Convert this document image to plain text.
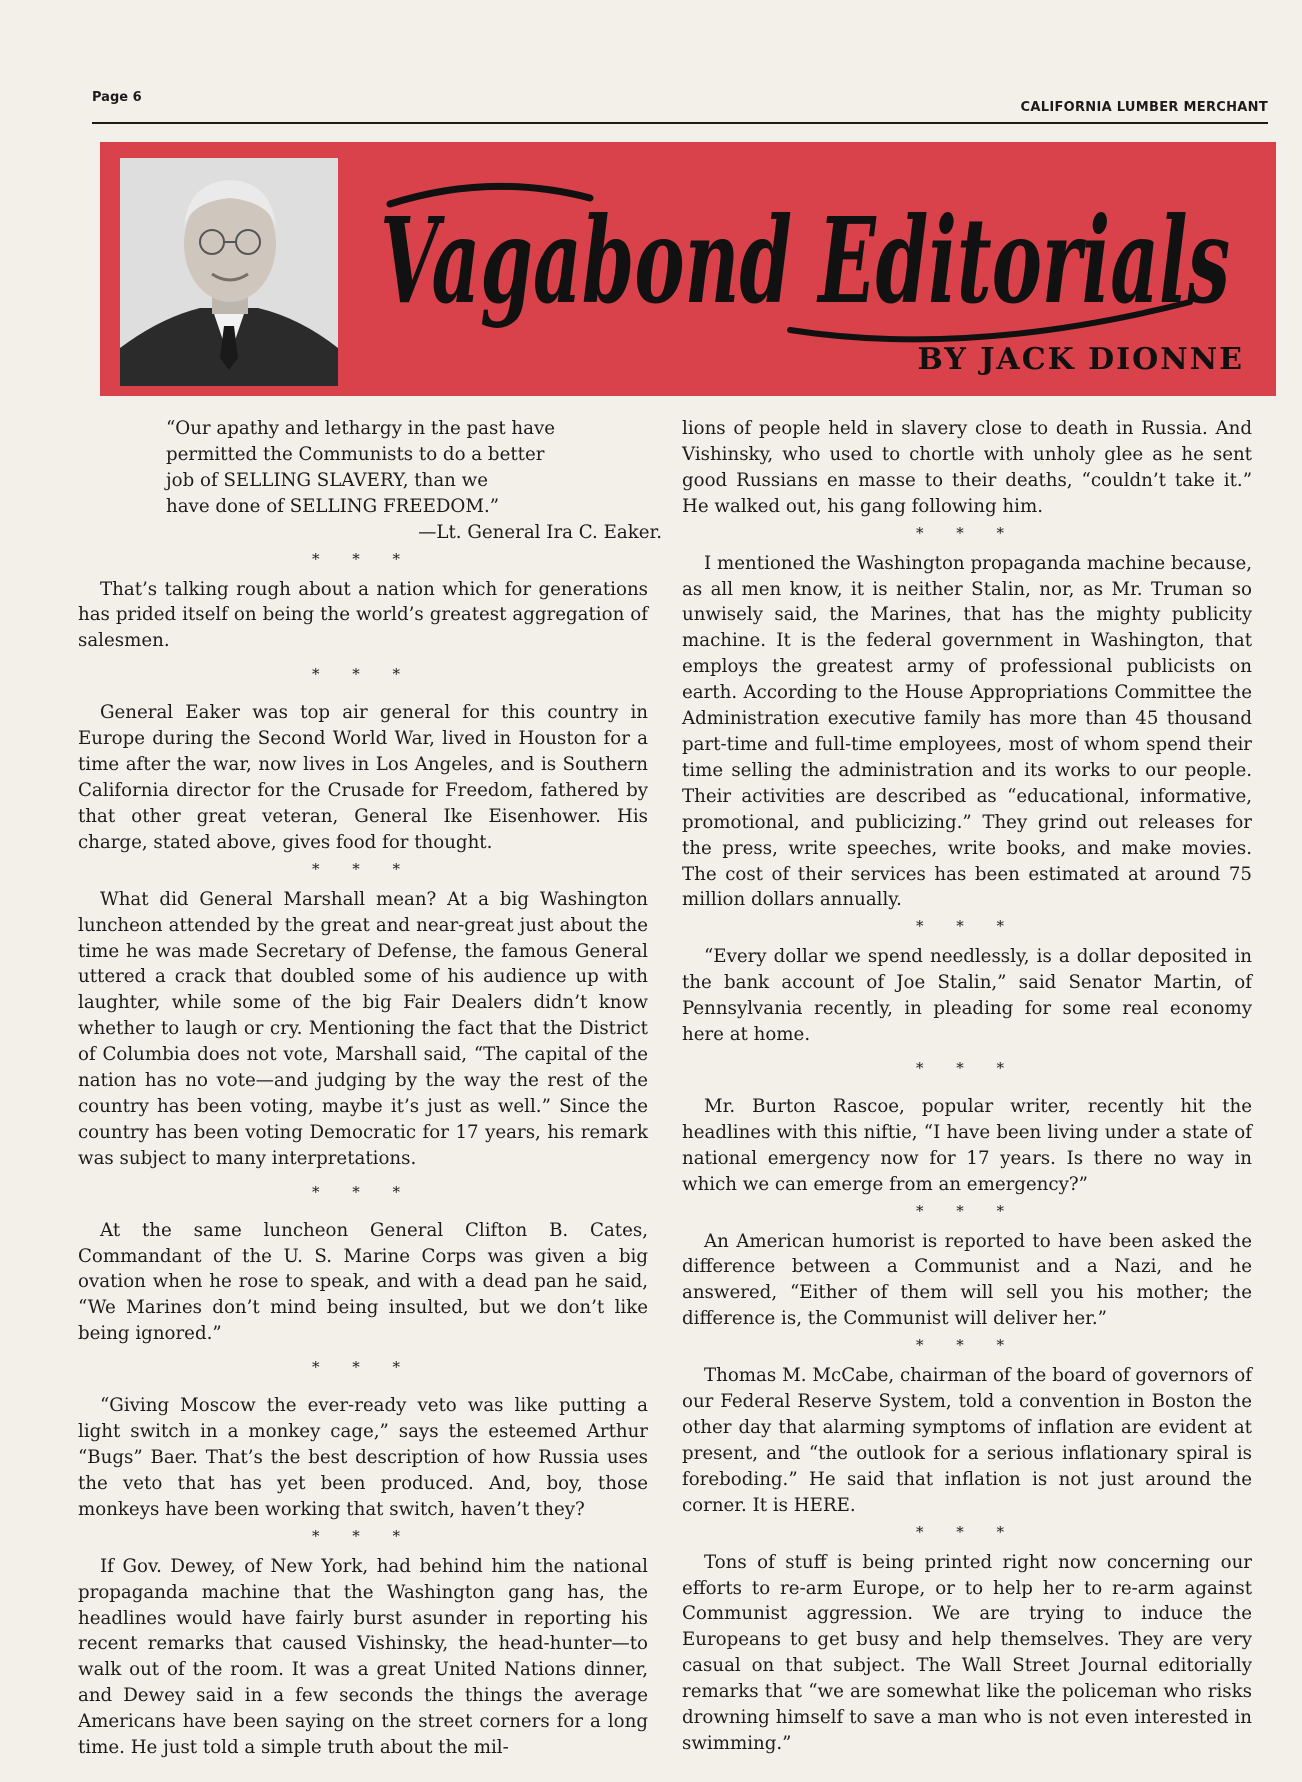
Page 6
CALIFORNIA LUMBER MERCHANT
Vagabond Editorials
BY JACK DIONNE
“Our apathy and lethargy in the past have
permitted the Communists to do a better
job of SELLING SLAVERY, than we
have done of SELLING FREEDOM.”
—Lt. General Ira C. Eaker.
* * *

That’s talking rough about a nation which for generations has prided itself on being the world’s greatest aggregation of salesmen.

* * *

General Eaker was top air general for this country in Europe during the Second World War, lived in Houston for a time after the war, now lives in Los Angeles, and is Southern California director for the Crusade for Freedom, fathered by that other great veteran, General Ike Eisenhower. His charge, stated above, gives food for thought.

* * *

What did General Marshall mean? At a big Washington luncheon attended by the great and near-great just about the time he was made Secretary of Defense, the famous General uttered a crack that doubled some of his audience up with laughter, while some of the big Fair Dealers didn’t know whether to laugh or cry. Mentioning the fact that the District of Columbia does not vote, Marshall said, “The capital of the nation has no vote—and judging by the way the rest of the country has been voting, maybe it’s just as well.” Since the country has been voting Democratic for 17 years, his remark was subject to many interpretations.

* * *

At the same luncheon General Clifton B. Cates, Commandant of the U. S. Marine Corps was given a big ovation when he rose to speak, and with a dead pan he said, “We Marines don’t mind being insulted, but we don’t like being ignored.”

* * *

“Giving Moscow the ever-ready veto was like putting a light switch in a monkey cage,” says the esteemed Arthur “Bugs” Baer. That’s the best description of how Russia uses the veto that has yet been produced. And, boy, those monkeys have been working that switch, haven’t they?

* * *

If Gov. Dewey, of New York, had behind him the national propaganda machine that the Washington gang has, the headlines would have fairly burst asunder in reporting his recent remarks that caused Vishinsky, the head-hunter—to walk out of the room. It was a great United Nations dinner, and Dewey said in a few seconds the things the average Americans have been saying on the street corners for a long time. He just told a simple truth about the mil-

lions of people held in slavery close to death in Russia. And Vishinsky, who used to chortle with unholy glee as he sent good Russians en masse to their deaths, “couldn’t take it.” He walked out, his gang following him.

* * *

I mentioned the Washington propaganda machine because, as all men know, it is neither Stalin, nor, as Mr. Truman so unwisely said, the Marines, that has the mighty publicity machine. It is the federal government in Washington, that employs the greatest army of professional publicists on earth. According to the House Appropriations Committee the Administration executive family has more than 45 thousand part-time and full-time employees, most of whom spend their time selling the administration and its works to our people. Their activities are described as “educational, informative, promotional, and publicizing.” They grind out releases for the press, write speeches, write books, and make movies. The cost of their services has been estimated at around 75 million dollars annually.

* * *

“Every dollar we spend needlessly, is a dollar deposited in the bank account of Joe Stalin,” said Senator Martin, of Pennsylvania recently, in pleading for some real economy here at home.

* * *

Mr. Burton Rascoe, popular writer, recently hit the headlines with this niftie, “I have been living under a state of national emergency now for 17 years. Is there no way in which we can emerge from an emergency?”

* * *

An American humorist is reported to have been asked the difference between a Communist and a Nazi, and he answered, “Either of them will sell you his mother; the difference is, the Communist will deliver her.”

* * *

Thomas M. McCabe, chairman of the board of governors of our Federal Reserve System, told a convention in Boston the other day that alarming symptoms of inflation are evident at present, and “the outlook for a serious inflationary spiral is foreboding.” He said that inflation is not just around the corner. It is HERE.

* * *

Tons of stuff is being printed right now concerning our efforts to re-arm Europe, or to help her to re-arm against Communist aggression. We are trying to induce the Europeans to get busy and help themselves. They are very casual on that subject. The Wall Street Journal editorially remarks that “we are somewhat like the policeman who risks drowning himself to save a man who is not even interested in swimming.”
